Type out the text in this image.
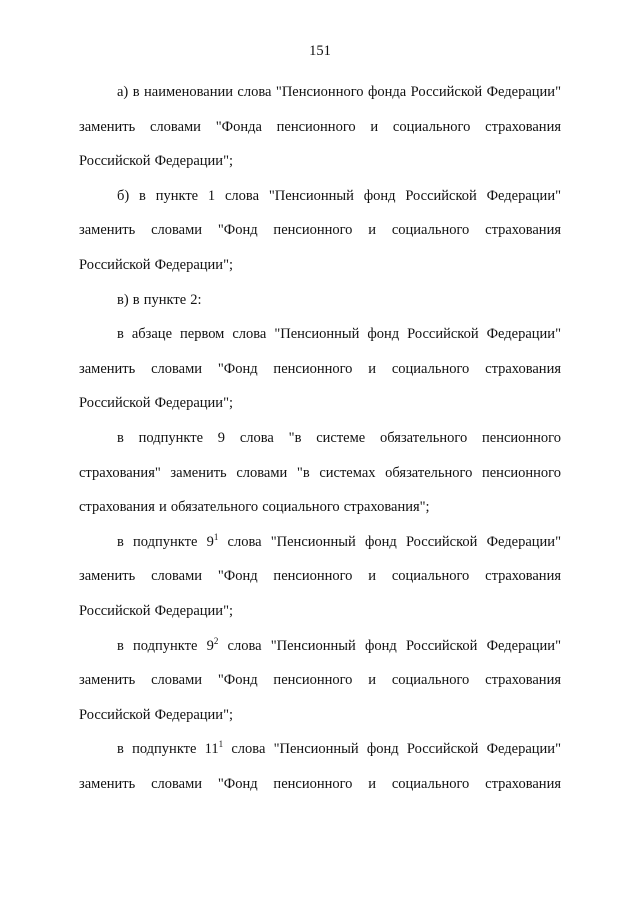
151

а) в наименовании слова "Пенсионного фонда Российской Федерации" заменить словами "Фонда пенсионного и социального страхования Российской Федерации";

б) в пункте 1 слова "Пенсионный фонд Российской Федерации" заменить словами "Фонд пенсионного и социального страхования Российской Федерации";

в) в пункте 2:

в абзаце первом слова "Пенсионный фонд Российской Федерации" заменить словами "Фонд пенсионного и социального страхования Российской Федерации";

в подпункте 9 слова "в системе обязательного пенсионного страхования" заменить словами "в системах обязательного пенсионного страхования и обязательного социального страхования";

в подпункте $9^1$ слова "Пенсионный фонд Российской Федерации" заменить словами "Фонд пенсионного и социального страхования Российской Федерации";

в подпункте $9^2$ слова "Пенсионный фонд Российской Федерации" заменить словами "Фонд пенсионного и социального страхования Российской Федерации";

в подпункте $11^1$ слова "Пенсионный фонд Российской Федерации" заменить словами "Фонд пенсионного и социального страхования
